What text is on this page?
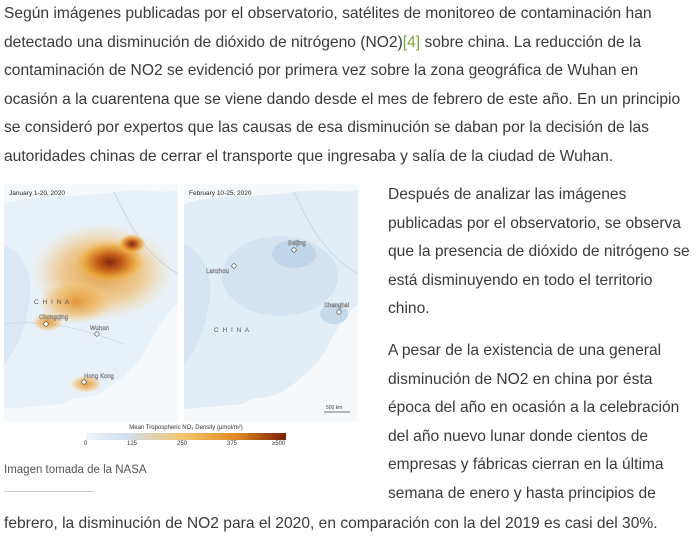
Según imágenes publicadas por el observatorio, satélites de monitoreo de contaminación han detectado una disminución de dióxido de nitrógeno (NO2)[4] sobre china. La reducción de la contaminación de NO2 se evidenció por primera vez sobre la zona geográfica de Wuhan en ocasión a la cuarentena que se viene dando desde el mes de febrero de este año. En un principio se consideró por expertos que las causas de esa disminución se daban por la decisión de las autoridades chinas de cerrar el transporte que ingresaba y salía de la ciudad de Wuhan.

January 1-20, 2020
C H I N A
Chongqing
Wuhan
Hong Kong
February 10-25, 2020
C H I N A
Beijing
Lanzhou
Shanghai
500 km
Mean Tropospheric NO₂ Density (μmol/m²)
0	125	250	375	≥500

Imagen tomada de la NASA

Después de analizar las imágenes publicadas por el observatorio, se observa que la presencia de dióxido de nitrógeno se está disminuyendo en todo el territorio chino.

A pesar de la existencia de una general disminución de NO2 en china por ésta época del año en ocasión a la celebración del año nuevo lunar donde cientos de empresas y fábricas cierran en la última semana de enero y hasta principios de

febrero, la disminución de NO2 para el 2020, en comparación con la del 2019 es casi del 30%.
